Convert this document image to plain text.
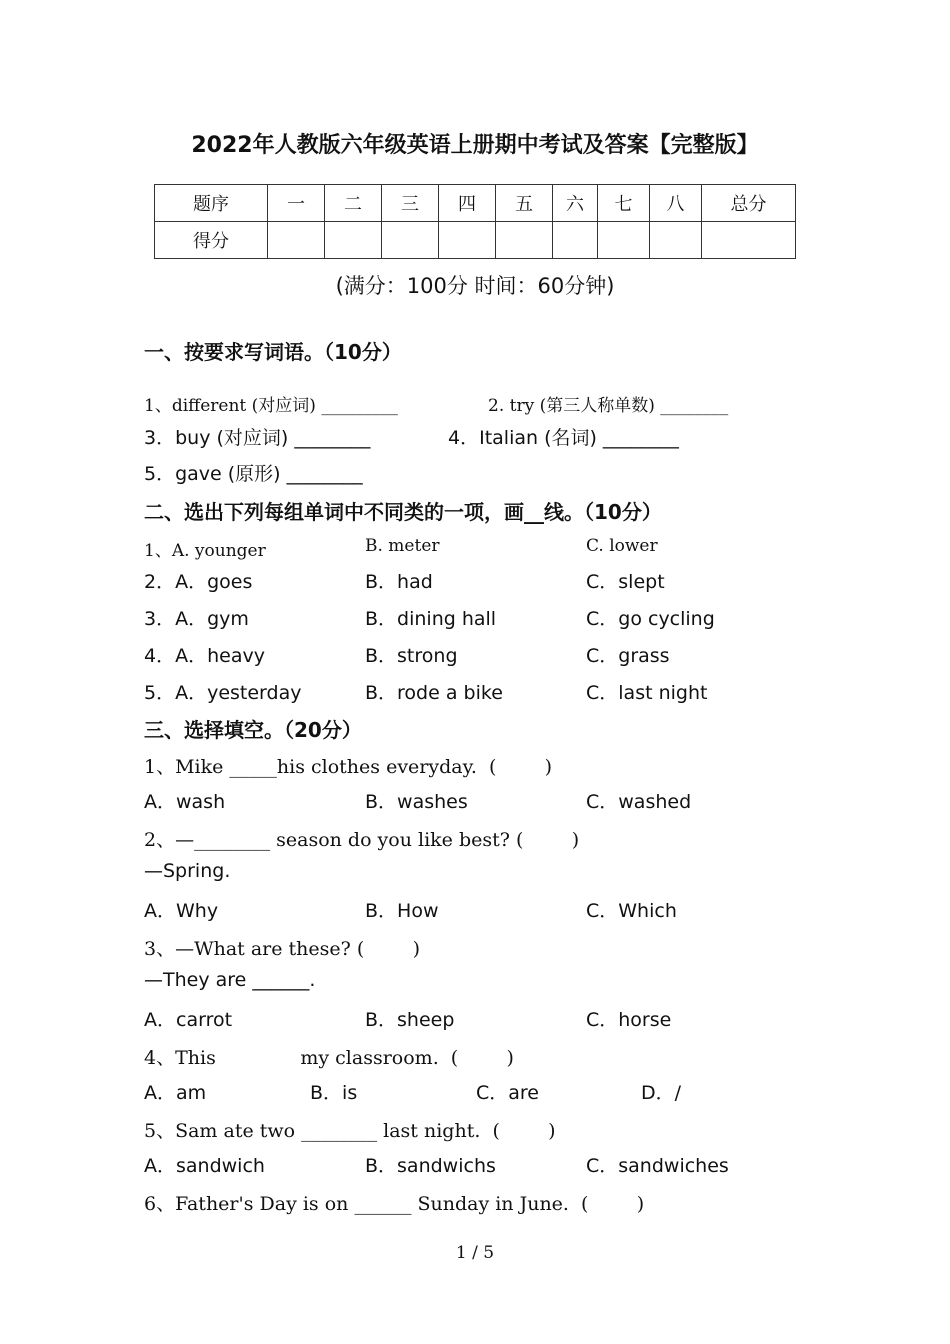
2022年人教版六年级英语上册期中考试及答案【完整版】
题序	一	二	三	四	五	六	七	八	总分
得分									
(满分：100分 时间：60分钟)
一、按要求写词语。（10分）
1、different (对应词) _________	2. try (第三人称单数) ________
3．buy (对应词) ________	4．Italian (名词) ________
5．gave (原形) ________
二、选出下列每组单词中不同类的一项，画__线。（10分）
1、A. younger	B. meter	C. lower
2．A．goes	B．had	C．slept
3．A．gym	B．dining hall	C．go cycling
4．A．heavy	B．strong	C．grass
5．A．yesterday	B．rode a bike	C．last night
三、选择填空。（20分）
1、Mike _____his clothes everyday.  (        )
A．wash	B．washes	C．washed
2、—________ season do you like best? (        )
—Spring.
A．Why	B．How	C．Which
3、—What are these? (        )
—They are ______.
A．carrot	B．sheep	C．horse
4、This              my classroom.  (        )
A．am	B．is	C．are	D．/
5、Sam ate two ________ last night.  (        )
A．sandwich	B．sandwichs	C．sandwiches
6、Father's Day is on ______ Sunday in June.  (        )
1 / 5
